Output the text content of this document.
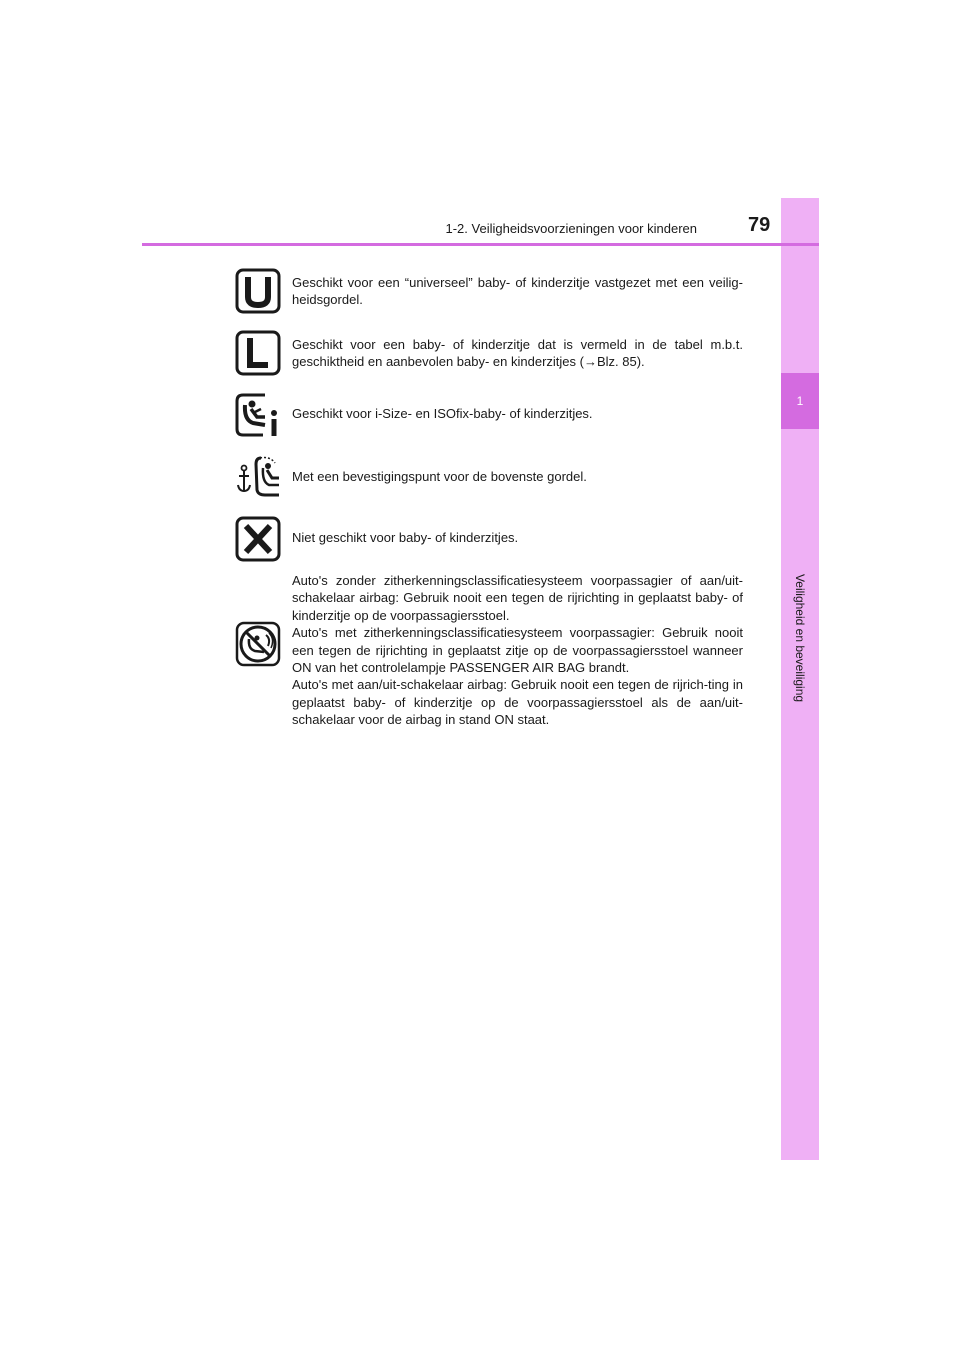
1
Veiligheid en beveiliging
1-2. Veiligheidsvoorzieningen voor kinderen	79
Geschikt voor een “universeel” baby- of kinderzitje vastgezet met een veilig-heidsgordel.
Geschikt voor een baby- of kinderzitje dat is vermeld in de tabel m.b.t. geschiktheid en aanbevolen baby- en kinderzitjes (→Blz. 85).
Geschikt voor i-Size- en ISOfix-baby- of kinderzitjes.
Met een bevestigingspunt voor de bovenste gordel.
Niet geschikt voor baby- of kinderzitjes.

Auto's zonder zitherkenningsclassificatiesysteem voorpassagier of aan/uit-schakelaar airbag: Gebruik nooit een tegen de rijrichting in geplaatst baby- of kinderzitje op de voorpassagiersstoel.

Auto's met zitherkenningsclassificatiesysteem voorpassagier: Gebruik nooit een tegen de rijrichting in geplaatst zitje op de voorpassagiersstoel wanneer ON van het controlelampje PASSENGER AIR BAG brandt.

Auto's met aan/uit-schakelaar airbag: Gebruik nooit een tegen de rijrich-ting in geplaatst baby- of kinderzitje op de voorpassagiersstoel als de aan/uit-schakelaar voor de airbag in stand ON staat.
